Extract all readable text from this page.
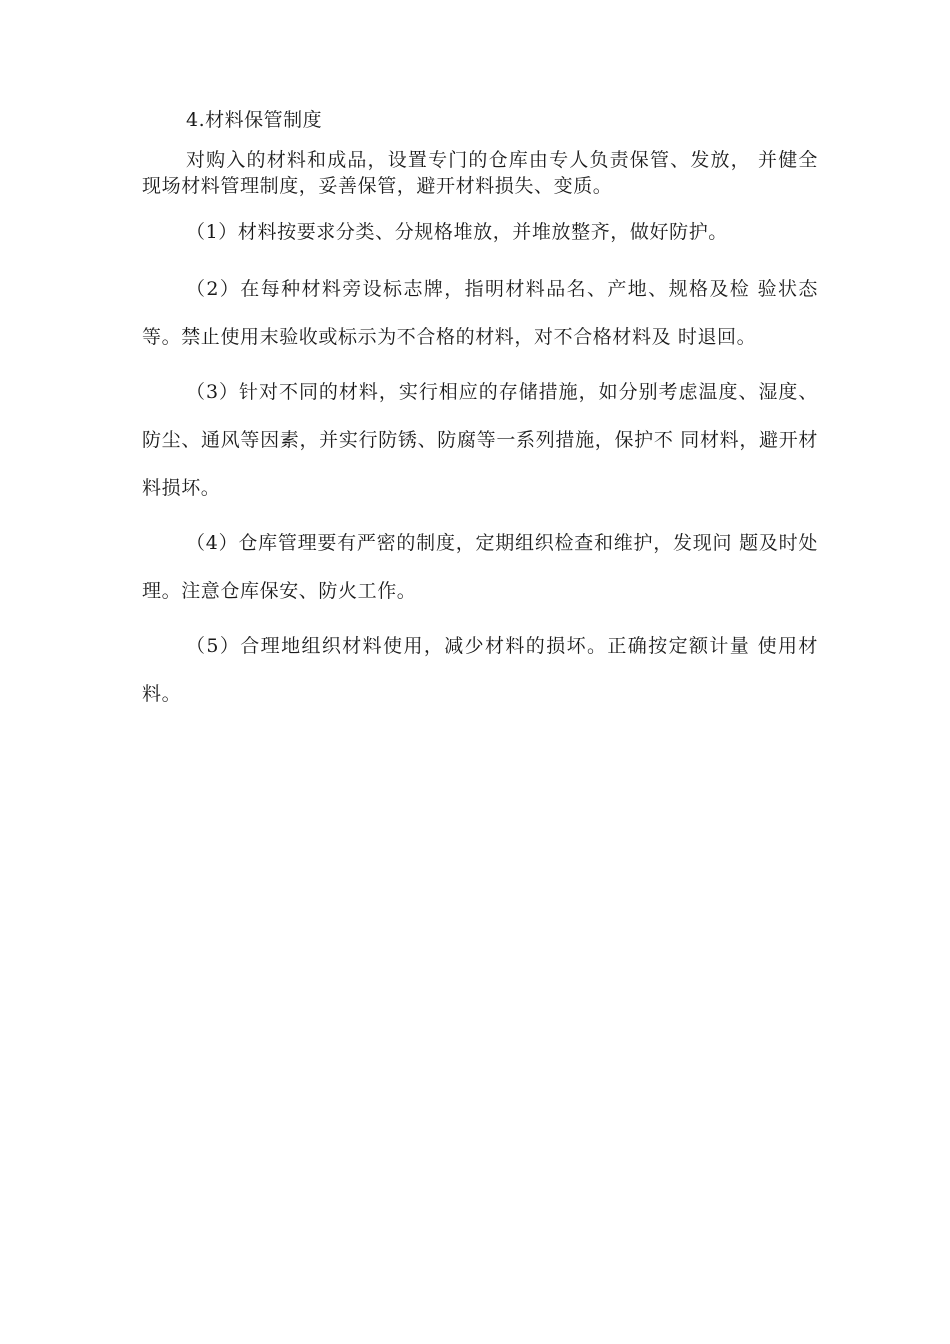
4.材料保管制度

对购入的材料和成品，设置专门的仓库由专人负责保管、发放， 并健全现场材料管理制度，妥善保管，避开材料损失、变质。

（1）材料按要求分类、分规格堆放，并堆放整齐，做好防护。

（2）在每种材料旁设标志牌，指明材料品名、产地、规格及检 验状态等。禁止使用末验收或标示为不合格的材料，对不合格材料及 时退回。

（3）针对不同的材料，实行相应的存储措施，如分别考虑温度、湿度、防尘、通风等因素，并实行防锈、防腐等一系列措施，保护不 同材料，避开材料损坏。

（4）仓库管理要有严密的制度，定期组织检查和维护，发现问 题及时处理。注意仓库保安、防火工作。

（5）合理地组织材料使用，减少材料的损坏。正确按定额计量 使用材料。
